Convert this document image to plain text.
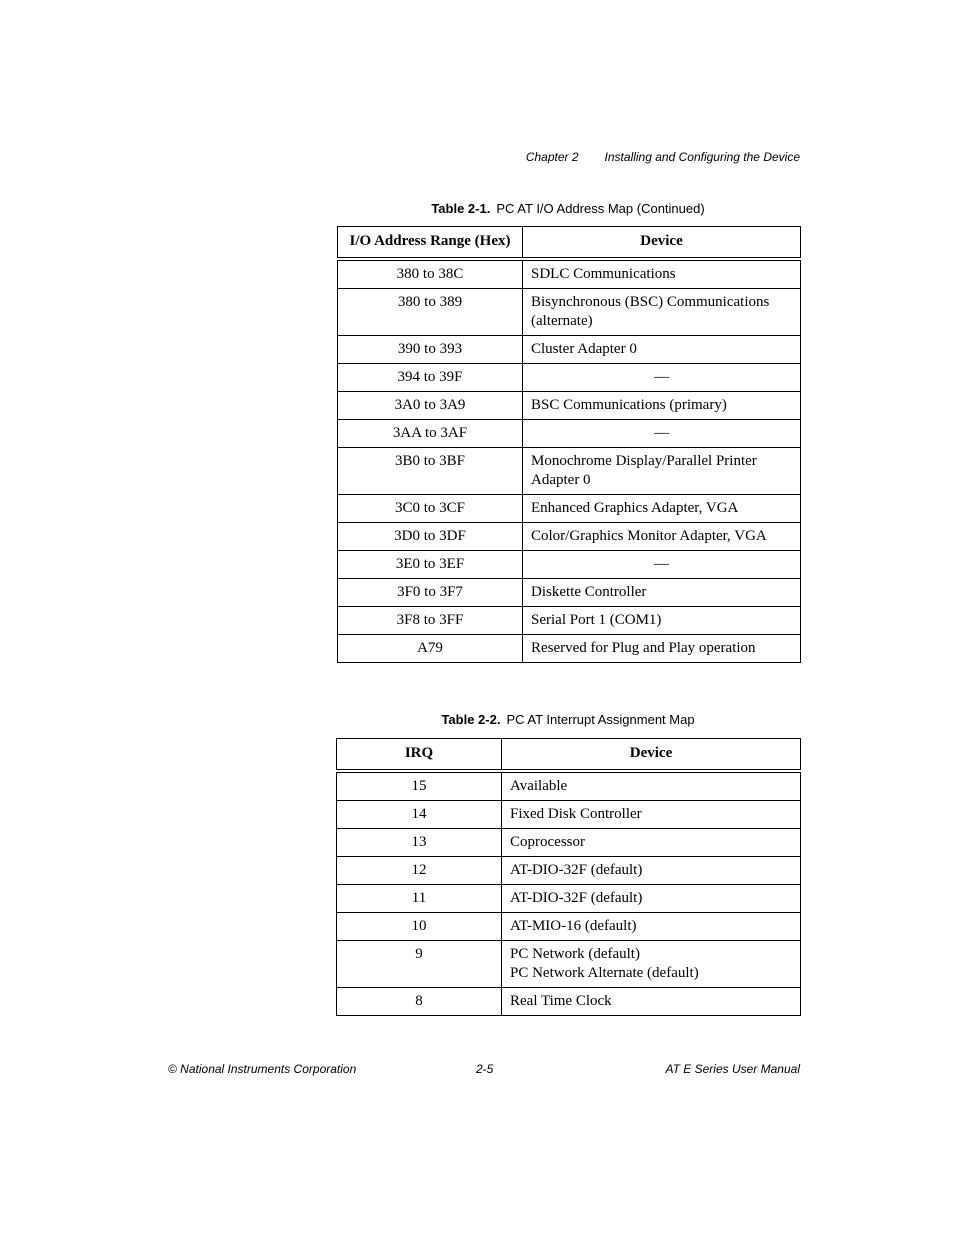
Chapter 2 Installing and Configuring the Device
Table 2-1. PC AT I/O Address Map (Continued)
I/O Address Range (Hex)	Device
380 to 38C	SDLC Communications

380 to 389	Bisynchronous (BSC) Communications
(alternate)

390 to 393	Cluster Adapter 0

394 to 39F	—

3A0 to 3A9	BSC Communications (primary)

3AA to 3AF	—

3B0 to 3BF	Monochrome Display/Parallel Printer
Adapter 0

3C0 to 3CF	Enhanced Graphics Adapter, VGA

3D0 to 3DF	Color/Graphics Monitor Adapter, VGA

3E0 to 3EF	—

3F0 to 3F7	Diskette Controller

3F8 to 3FF	Serial Port 1 (COM1)

A79	Reserved for Plug and Play operation
Table 2-2. PC AT Interrupt Assignment Map
IRQ	Device
15	Available

14	Fixed Disk Controller

13	Coprocessor

12	AT-DIO-32F (default)

11	AT-DIO-32F (default)

10	AT-MIO-16 (default)

9	PC Network (default)
PC Network Alternate (default)

8	Real Time Clock
© National Instruments Corporation	2-5	AT E Series User Manual
